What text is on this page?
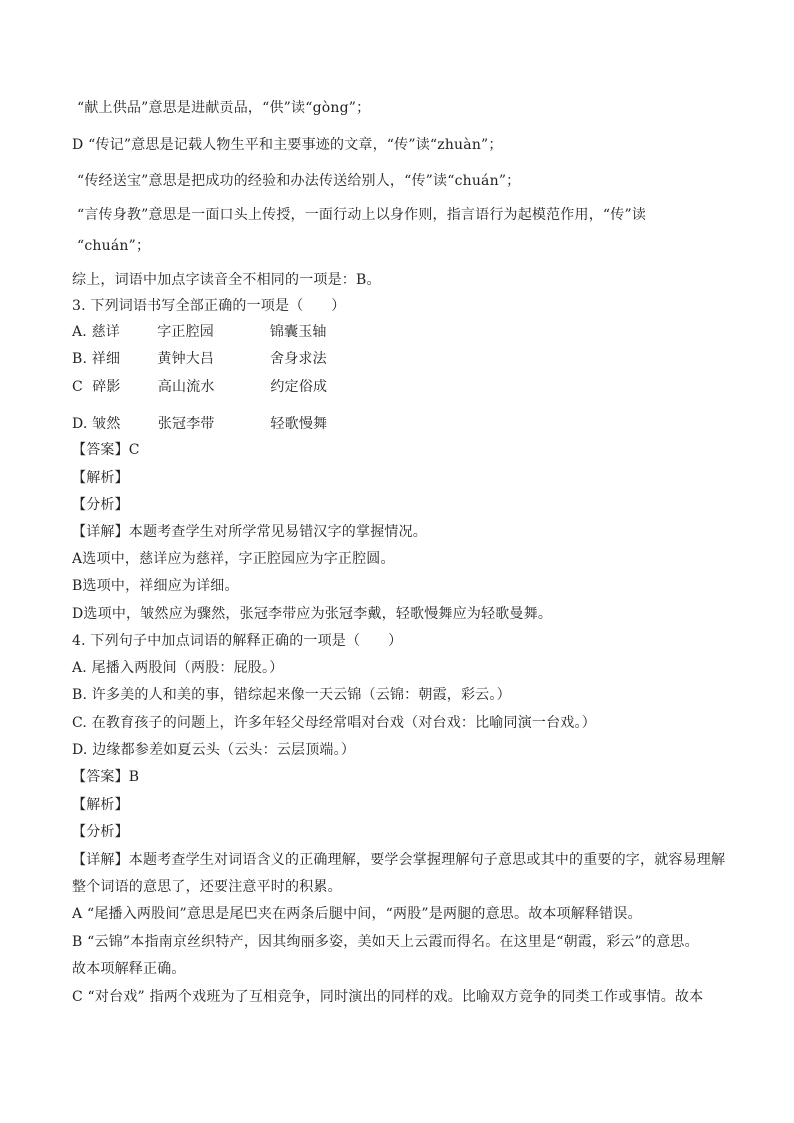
“献上供品”意思是进献贡品，“供”读“gòng”；
D “传记”意思是记载人物生平和主要事迹的文章，“传”读“zhuàn”；
“传经送宝”意思是把成功的经验和办法传送给别人，“传”读“chuán”；
“言传身教”意思是一面口头上传授，一面行动上以身作则，指言语行为起模范作用，“传”读
“chuán”；
综上，词语中加点字读音全不相同的一项是：B。
3. 下列词语书写全部正确的一项是（      ）
A. 慈详        字正腔园            锦囊玉轴
B. 祥细        黄钟大吕            舍身求法
C  碎影        高山流水            约定俗成
D. 皱然        张冠李带            轻歌慢舞
【答案】C
【解析】
【分析】
【详解】本题考查学生对所学常见易错汉字的掌握情况。
A选项中，慈详应为慈祥，字正腔园应为字正腔圆。
B选项中，祥细应为详细。
D选项中，皱然应为骤然，张冠李带应为张冠李戴，轻歌慢舞应为轻歌曼舞。
4. 下列句子中加点词语的解释正确的一项是（      ）
A. 尾播入两股间（两股：屁股。）
B. 许多美的人和美的事，错综起来像一天云锦（云锦：朝霞，彩云。）
C. 在教育孩子的问题上，许多年轻父母经常唱对台戏（对台戏：比喻同演一台戏。）
D. 边缘都参差如夏云头（云头：云层顶端。）
【答案】B
【解析】
【分析】
【详解】本题考查学生对词语含义的正确理解，要学会掌握理解句子意思或其中的重要的字，就容易理解
整个词语的意思了，还要注意平时的积累。
A “尾播入两股间”意思是尾巴夹在两条后腿中间，“两股”是两腿的意思。故本项解释错误。
B “云锦”本指南京丝织特产，因其绚丽多姿，美如天上云霞而得名。在这里是“朝霞，彩云”的意思。
故本项解释正确。
C “对台戏” 指两个戏班为了互相竞争，同时演出的同样的戏。比喻双方竞争的同类工作或事情。故本
